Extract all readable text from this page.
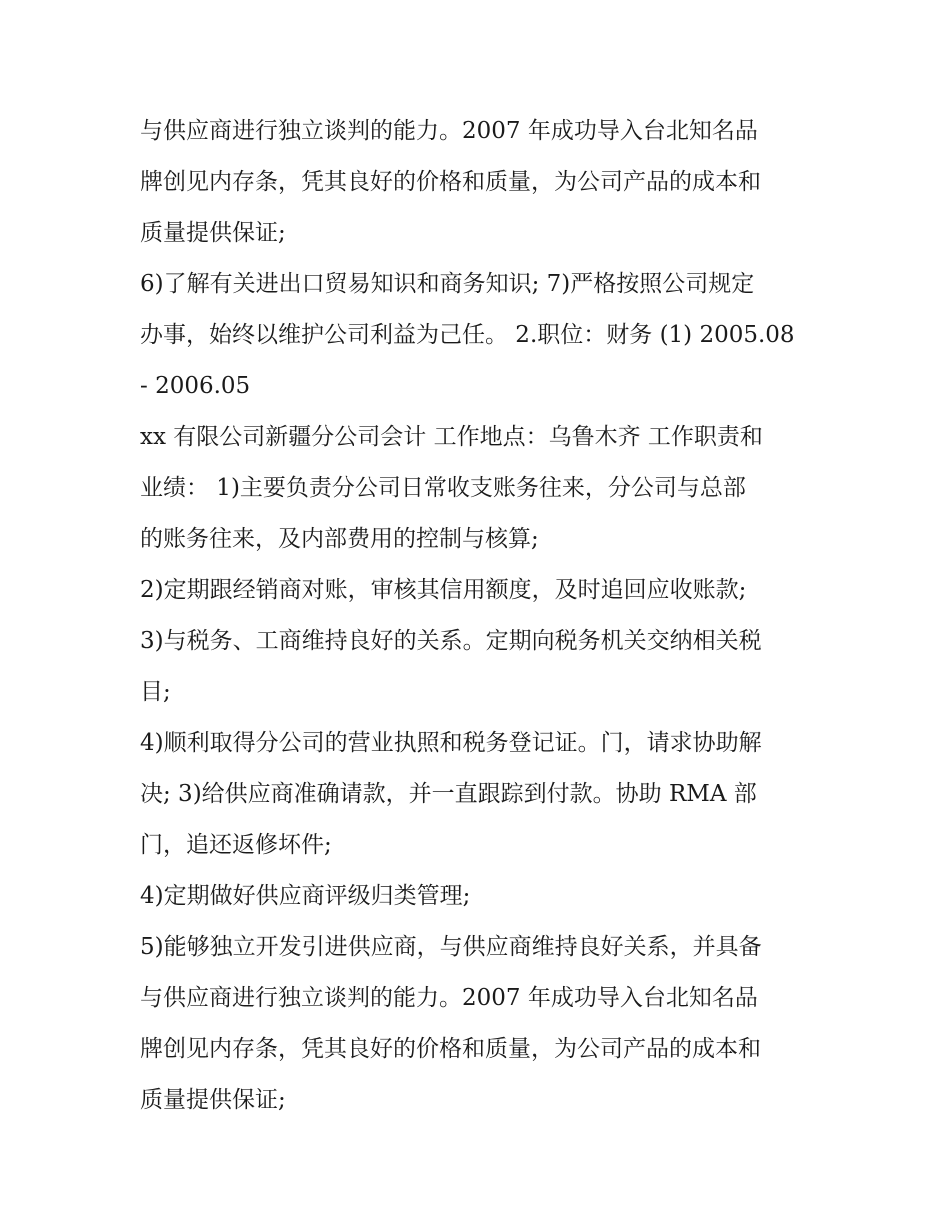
与供应商进行独立谈判的能力。2007 年成功导入台北知名品
牌创见内存条，凭其良好的价格和质量，为公司产品的成本和
质量提供保证;
6)了解有关进出口贸易知识和商务知识; 7)严格按照公司规定
办事，始终以维护公司利益为己任。 2.职位：财务 (1) 2005.08
- 2006.05
xx 有限公司新疆分公司会计 工作地点：乌鲁木齐 工作职责和
业绩： 1)主要负责分公司日常收支账务往来，分公司与总部
的账务往来，及内部费用的控制与核算;
2)定期跟经销商对账，审核其信用额度，及时追回应收账款;
3)与税务、工商维持良好的关系。定期向税务机关交纳相关税
目;
4)顺利取得分公司的营业执照和税务登记证。门，请求协助解
决; 3)给供应商准确请款，并一直跟踪到付款。协助 RMA 部
门，追还返修坏件;
4)定期做好供应商评级归类管理;
5)能够独立开发引进供应商，与供应商维持良好关系，并具备
与供应商进行独立谈判的能力。2007 年成功导入台北知名品
牌创见内存条，凭其良好的价格和质量，为公司产品的成本和
质量提供保证;
